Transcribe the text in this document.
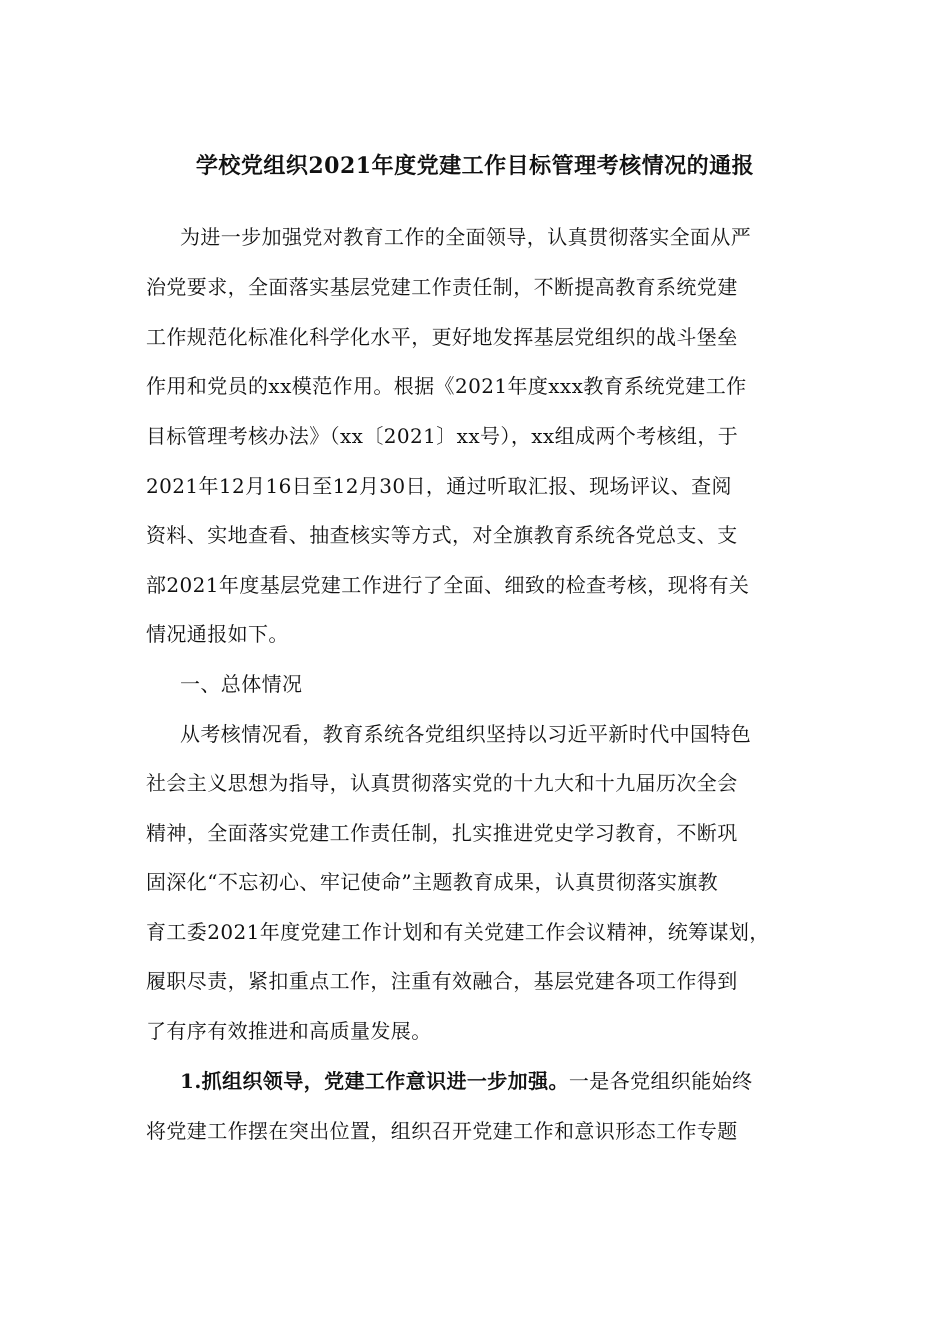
学校党组织2021年度党建工作目标管理考核情况的通报
为进一步加强党对教育工作的全面领导，认真贯彻落实全面从严
治党要求，全面落实基层党建工作责任制，不断提高教育系统党建
工作规范化标准化科学化水平，更好地发挥基层党组织的战斗堡垒
作用和党员的xx模范作用。根据《2021年度xxx教育系统党建工作
目标管理考核办法》（xx〔2021〕xx号），xx组成两个考核组，于
2021年12月16日至12月30日，通过听取汇报、现场评议、查阅
资料、实地查看、抽查核实等方式，对全旗教育系统各党总支、支
部2021年度基层党建工作进行了全面、细致的检查考核，现将有关
情况通报如下。
一、总体情况
从考核情况看，教育系统各党组织坚持以习近平新时代中国特色
社会主义思想为指导，认真贯彻落实党的十九大和十九届历次全会
精神，全面落实党建工作责任制，扎实推进党史学习教育，不断巩
固深化“不忘初心、牢记使命”主题教育成果，认真贯彻落实旗教
育工委2021年度党建工作计划和有关党建工作会议精神，统筹谋划，
履职尽责，紧扣重点工作，注重有效融合，基层党建各项工作得到
了有序有效推进和高质量发展。
1.抓组织领导，党建工作意识进一步加强。一是各党组织能始终
将党建工作摆在突出位置，组织召开党建工作和意识形态工作专题
